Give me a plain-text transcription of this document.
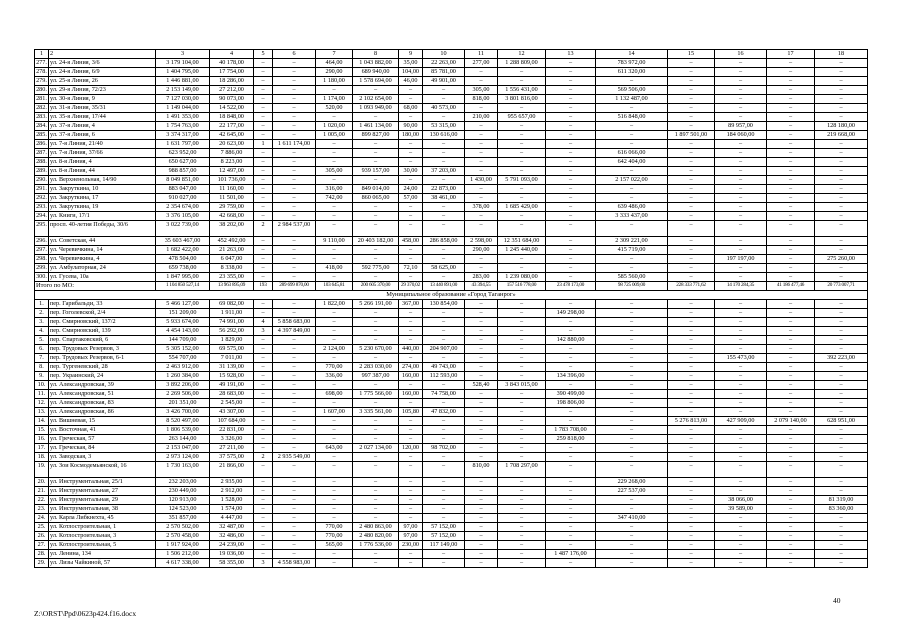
1	2	3	4	5	6	7	8	9	10	11	12	13	14	15	16	17	18
277.	ул. 24-я Линия, 3/6	3 179 104,00	40 178,00	–	–	464,00	1 043 882,00	35,00	22 263,00	277,00	1 288 809,00	–	783 972,00	–	–	–	–
278.	ул. 24-я Линия, 6/9	1 404 795,00	17 754,00	–	–	290,00	689 940,00	104,00	85 781,00	–	–	–	611 320,00	–	–	–	–
279.	ул. 25-я Линия, 26	1 446 881,00	18 286,00	–	–	1 180,00	1 578 694,00	46,00	49 901,00	–	–	–	–	–	–	–	–
280.	ул. 29-я Линия, 72/23	2 153 149,00	27 212,00	–	–	–	–	–	–	305,00	1 556 431,00	–	569 506,00	–	–	–	–
281.	ул. 30-я Линия, 9	7 127 030,00	90 073,00	–	–	1 174,00	2 102 654,00	–	–	818,00	3 801 816,00	–	1 132 487,00	–	–	–	–
282.	ул. 31-я Линия, 35/31	1 149 044,00	14 522,00	–	–	520,00	1 093 949,00	68,00	40 573,00	–	–	–	–	–	–	–	–
283.	ул. 35-я Линия, 17/44	1 491 353,00	18 848,00	–	–	–	–	–	–	210,00	955 657,00	–	516 848,00	–	–	–	–
284.	ул. 37-я Линия, 4	1 754 763,00	22 177,00	–	–	1 020,00	1 461 134,00	90,00	53 315,00	–	–	–	–	–	89 957,00	–	128 180,00
285.	ул. 37-я Линия, 6	3 374 317,00	42 645,00	–	–	1 005,00	899 827,00	180,00	130 616,00	–	–	–	–	1 897 501,00	184 060,00	–	219 668,00
286.	ул. 7-я Линия, 21/40	1 631 797,00	20 623,00	1	1 611 174,00	–	–	–	–	–	–	–	–	–	–	–	–
287.	ул. 7-я Линия, 37/66	623 952,00	7 886,00	–	–	–	–	–	–	–	–	–	616 066,00	–	–	–	–
288.	ул. 8-я Линия, 4	650 627,00	8 223,00	–	–	–	–	–	–	–	–	–	642 404,00	–	–	–	–
289.	ул. 8-я Линия, 44	988 857,00	12 497,00	–	–	305,00	939 157,00	30,00	37 203,00	–	–	–	–	–	–	–	–
290.	ул. Верхненольная, 14/90	8 049 851,00	101 736,00	–	–	–	–	–	–	1 430,00	5 791 093,00	–	2 157 022,00	–	–	–	–
291.	ул. Закруткина, 10	883 047,00	11 160,00	–	–	316,00	849 014,00	24,00	22 873,00	–	–	–	–	–	–	–	–
292.	ул. Закруткина, 17	910 027,00	11 501,00	–	–	742,00	860 065,00	57,00	38 461,00	–	–	–	–	–	–	–	–
293.	ул. Закруткина, 19	2 354 674,00	29 759,00	–	–	–	–	–	–	378,00	1 685 429,00	–	639 486,00	–	–	–	–
294.	ул. Книги, 17/1	3 376 105,00	42 668,00	–	–	–	–	–	–	–	–	–	3 333 437,00	–	–	–	–
295.	просп. 40-летия Победы, 30/6	3 022 739,00	38 202,00	2	2 984 537,00	–	–	–	–	–	–	–	–	–	–	–	–
296.	ул. Советская, 44	35 603 467,00	452 492,00	–	–	9 110,00	20 403 182,00	458,00	286 858,00	2 598,00	12 351 684,00	–	2 309 221,00	–	–	–	–
297.	ул. Черевичкина, 14	1 682 422,00	21 263,00	–	–	–	–	–	–	290,00	1 245 440,00	–	415 719,00	–	–	–	–
298.	ул. Черевичкина, 4	478 504,00	6 047,00	–	–	–	–	–	–	–	–	–	–	–	197 197,00	–	275 260,00
299.	ул. Амбулаторная, 24	659 738,00	8 338,00	–	–	418,00	592 775,00	72,10	58 625,00	–	–	–	–	–	–	–	–
300.	ул. Гусева, 10а	1 847 995,00	23 355,00	–	–	–	–	–	–	283,00	1 239 080,00	–	585 560,00	–	–	–	–
Итого по МО:		1 104 850 527,14	13 963 895,09	193	289 699 870,00	103 645,81	200 605 370,00	29 370,02	13 440 891,00	43 394,55	157 516 778,00	23 478 173,00	98 725 009,00	228 333 771,62	14 170 284,35	41 186 477,46	20 773 007,71
Муниципальное образование «Город Таганрог»																	
1.	пер. Гарибальди, 33	5 466 127,00	69 082,00	–	–	1 822,00	5 266 191,00	367,00	130 854,00	–	–	–	–	–	–	–	–
2.	пер. Гоголевской, 2/4	151 209,00	1 911,00	–	–	–	–	–	–	–	–	149 298,00	–	–	–	–	–
3.	пер. Смирновский, 137/2	5 933 674,00	74 991,00	4	5 858 683,00	–	–	–	–	–	–	–	–	–	–	–	–
4.	пер. Смирновский, 139	4 454 143,00	56 292,00	3	4 397 849,00	–	–	–	–	–	–	–	–	–	–	–	–
5.	пер. Спартаковский, 6	144 709,00	1 829,00	–	–	–	–	–	–	–	–	142 880,00	–	–	–	–	–
6.	пер. Трудовых Резервов, 3	5 305 152,00	69 575,00	–	–	2 124,00	5 230 670,00	440,00	204 907,00	–	–	–	–	–	–	–	–
7.	пер. Трудовых Резервов, 6-1	554 707,00	7 011,00	–	–	–	–	–	–	–	–	–	–	–	155 473,00	–	392 223,00
8.	пер. Тургеневский, 28	2 463 912,00	31 139,00	–	–	770,00	2 283 030,00	274,00	49 743,00	–	–	–	–	–	–	–	–
9.	пер. Украинский, 24	1 260 384,00	15 928,00	–	–	336,00	997 387,00	160,00	112 593,00	–	–	134 396,00	–	–	–	–	–
10.	ул. Александровская, 39	3 892 206,00	49 191,00	–	–	–	–	–	–	528,40	3 843 015,00	–	–	–	–	–	–
11.	ул. Александровская, 51	2 269 506,00	28 683,00	–	–	698,00	1 775 566,00	160,00	74 758,00	–	–	390 499,00	–	–	–	–	–
12.	ул. Александровская, 83	201 351,00	2 545,00	–	–	–	–	–	–	–	–	198 806,00	–	–	–	–	–
13.	ул. Александровская, 86	3 426 700,00	43 307,00	–	–	1 607,00	3 335 561,00	105,80	47 832,00	–	–	–	–	–	–	–	–
14.	ул. Вишневая, 15	8 520 497,00	107 684,00	–	–	–	–	–	–	–	–	–	–	5 276 813,00	427 909,00	2 079 140,00	628 951,00
15.	ул. Восточная, 41	1 806 539,00	22 831,00	–	–	–	–	–	–	–	–	1 783 708,00	–	–	–	–	–
16.	ул. Греческая, 57	263 144,00	3 326,00	–	–	–	–	–	–	–	–	259 818,00	–	–	–	–	–
17.	ул. Греческая, 84	2 153 047,00	27 211,00	–	–	643,00	2 027 134,00	120,00	98 702,00	–	–	–	–	–	–	–	–
18.	ул. Заводская, 3	2 973 124,00	37 575,00	2	2 935 549,00	–	–	–	–	–	–	–	–	–	–	–	–
19.	ул. Зои Космодемьянской, 16	1 730 163,00	21 866,00	–	–	–	–	–	–	810,00	1 708 297,00	–	–	–	–	–	–
20.	ул. Инструментальная, 25/1	232 203,00	2 935,00	–	–	–	–	–	–	–	–	–	229 268,00	–	–	–	–
21.	ул. Инструментальная, 27	230 449,00	2 912,00	–	–	–	–	–	–	–	–	–	227 537,00	–	–	–	–
22.	ул. Инструментальная, 29	120 913,00	1 528,00	–	–	–	–	–	–	–	–	–	–	–	38 066,00	–	81 319,00
23.	ул. Инструментальная, 38	124 523,00	1 574,00	–	–	–	–	–	–	–	–	–	–	–	39 589,00	–	83 360,00
24.	ул. Карла Либкнехта, 45	351 857,00	4 447,00	–	–	–	–	–	–	–	–	–	347 410,00	–	–	–	–
25.	ул. Котлостроительная, 1	2 570 502,00	32 487,00	–	–	770,00	2 480 863,00	97,00	57 152,00	–	–	–	–	–	–	–	–
26.	ул. Котлостроительная, 3	2 570 458,00	32 486,00	–	–	770,00	2 480 820,00	97,00	57 152,00	–	–	–	–	–	–	–	–
27.	ул. Котлостроительная, 5	1 917 924,00	24 239,00	–	–	565,00	1 776 536,00	230,00	117 149,00	–	–	–	–	–	–	–	–
28.	ул. Ленина, 134	1 506 212,00	19 036,00	–	–	–	–	–	–	–	–	1 487 176,00	–	–	–	–	–
29.	ул. Лизы Чайкиной, 57	4 617 338,00	58 355,00	3	4 558 983,00	–	–	–	–	–	–	–	–	–	–	–	–
40
Z:\ORST\Ppd\0623p424.f16.docx
